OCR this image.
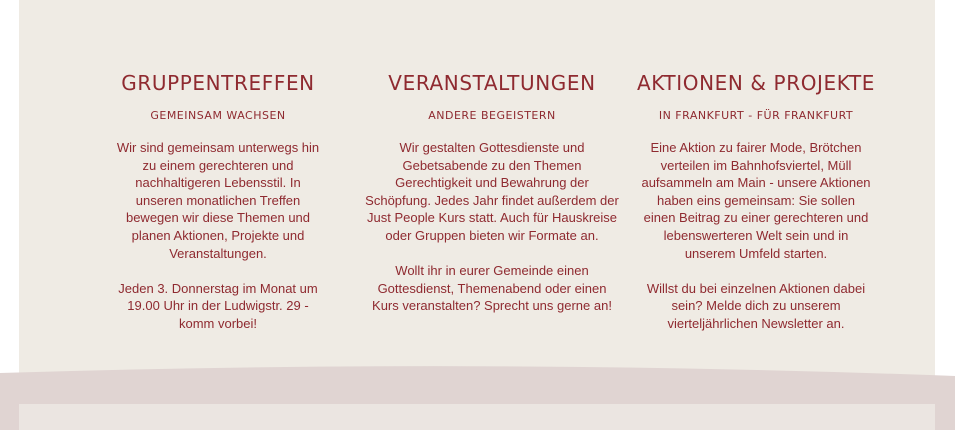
GRUPPENTREFFEN
GEMEINSAM WACHSEN

Wir sind gemeinsam unterwegs hin zu einem gerechteren und nachhaltigeren Lebensstil. In unseren monatlichen Treffen bewegen wir diese Themen und planen Aktionen, Projekte und Veranstaltungen.

Jeden 3. Donnerstag im Monat um 19.00 Uhr in der Ludwigstr. 29 - komm vorbei!

VERANSTALTUNGEN
ANDERE BEGEISTERN

Wir gestalten Gottesdienste und Gebetsabende zu den Themen Gerechtigkeit und Bewahrung der Schöpfung. Jedes Jahr findet außerdem der Just People Kurs statt. Auch für Hauskreise oder Gruppen bieten wir Formate an.

Wollt ihr in eurer Gemeinde einen Gottesdienst, Themenabend oder einen Kurs veranstalten? Sprecht uns gerne an!

AKTIONEN & PROJEKTE
IN FRANKFURT - FÜR FRANKFURT

Eine Aktion zu fairer Mode, Brötchen verteilen im Bahnhofsviertel, Müll aufsammeln am Main - unsere Aktionen haben eins gemeinsam: Sie sollen einen Beitrag zu einer gerechteren und lebenswerteren Welt sein und in unserem Umfeld starten.

Willst du bei einzelnen Aktionen dabei sein? Melde dich zu unserem vierteljährlichen Newsletter an.
